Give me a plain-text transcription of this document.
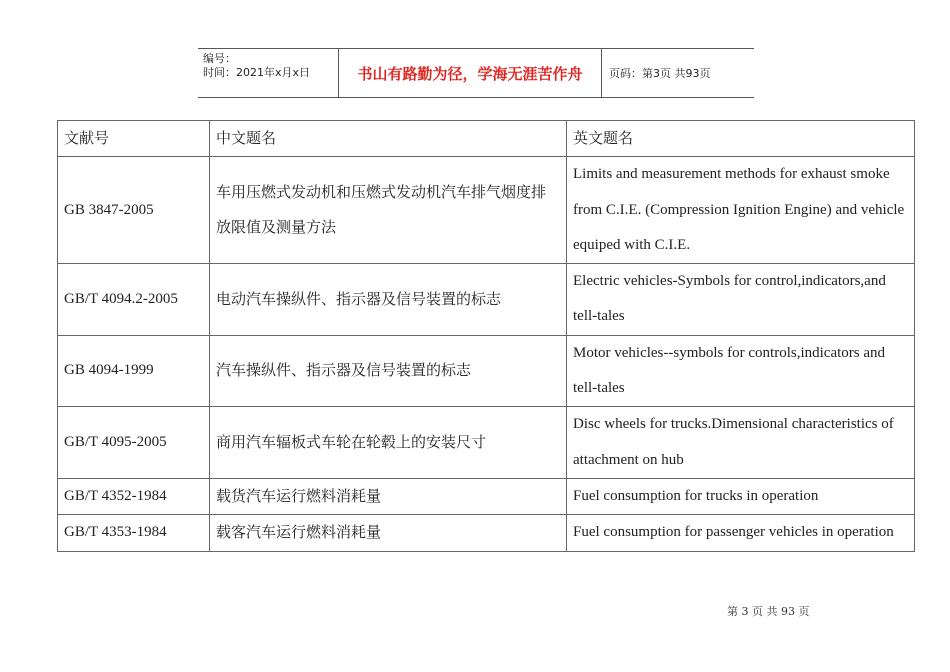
编号：
时间：2021年x月x日	书山有路勤为径，学海无涯苦作舟	页码：第3页 共93页
文献号	中文题名	英文题名
GB 3847-2005	车用压燃式发动机和压燃式发动机汽车排气烟度排放限值及测量方法	Limits and measurement methods for exhaust smoke from C.I.E. (Compression Ignition Engine) and vehicle equiped with C.I.E.
GB/T 4094.2-2005	电动汽车操纵件、指示器及信号装置的标志	Electric vehicles-Symbols for control,indicators,and tell-tales
GB 4094-1999	汽车操纵件、指示器及信号装置的标志	Motor vehicles--symbols for controls,indicators and tell-tales
GB/T 4095-2005	商用汽车辐板式车轮在轮毂上的安装尺寸	Disc wheels for trucks.Dimensional characteristics of attachment on hub
GB/T 4352-1984	载货汽车运行燃料消耗量	Fuel consumption for trucks in operation
GB/T 4353-1984	载客汽车运行燃料消耗量	Fuel consumption for passenger vehicles in operation
第 3 页 共 93 页
